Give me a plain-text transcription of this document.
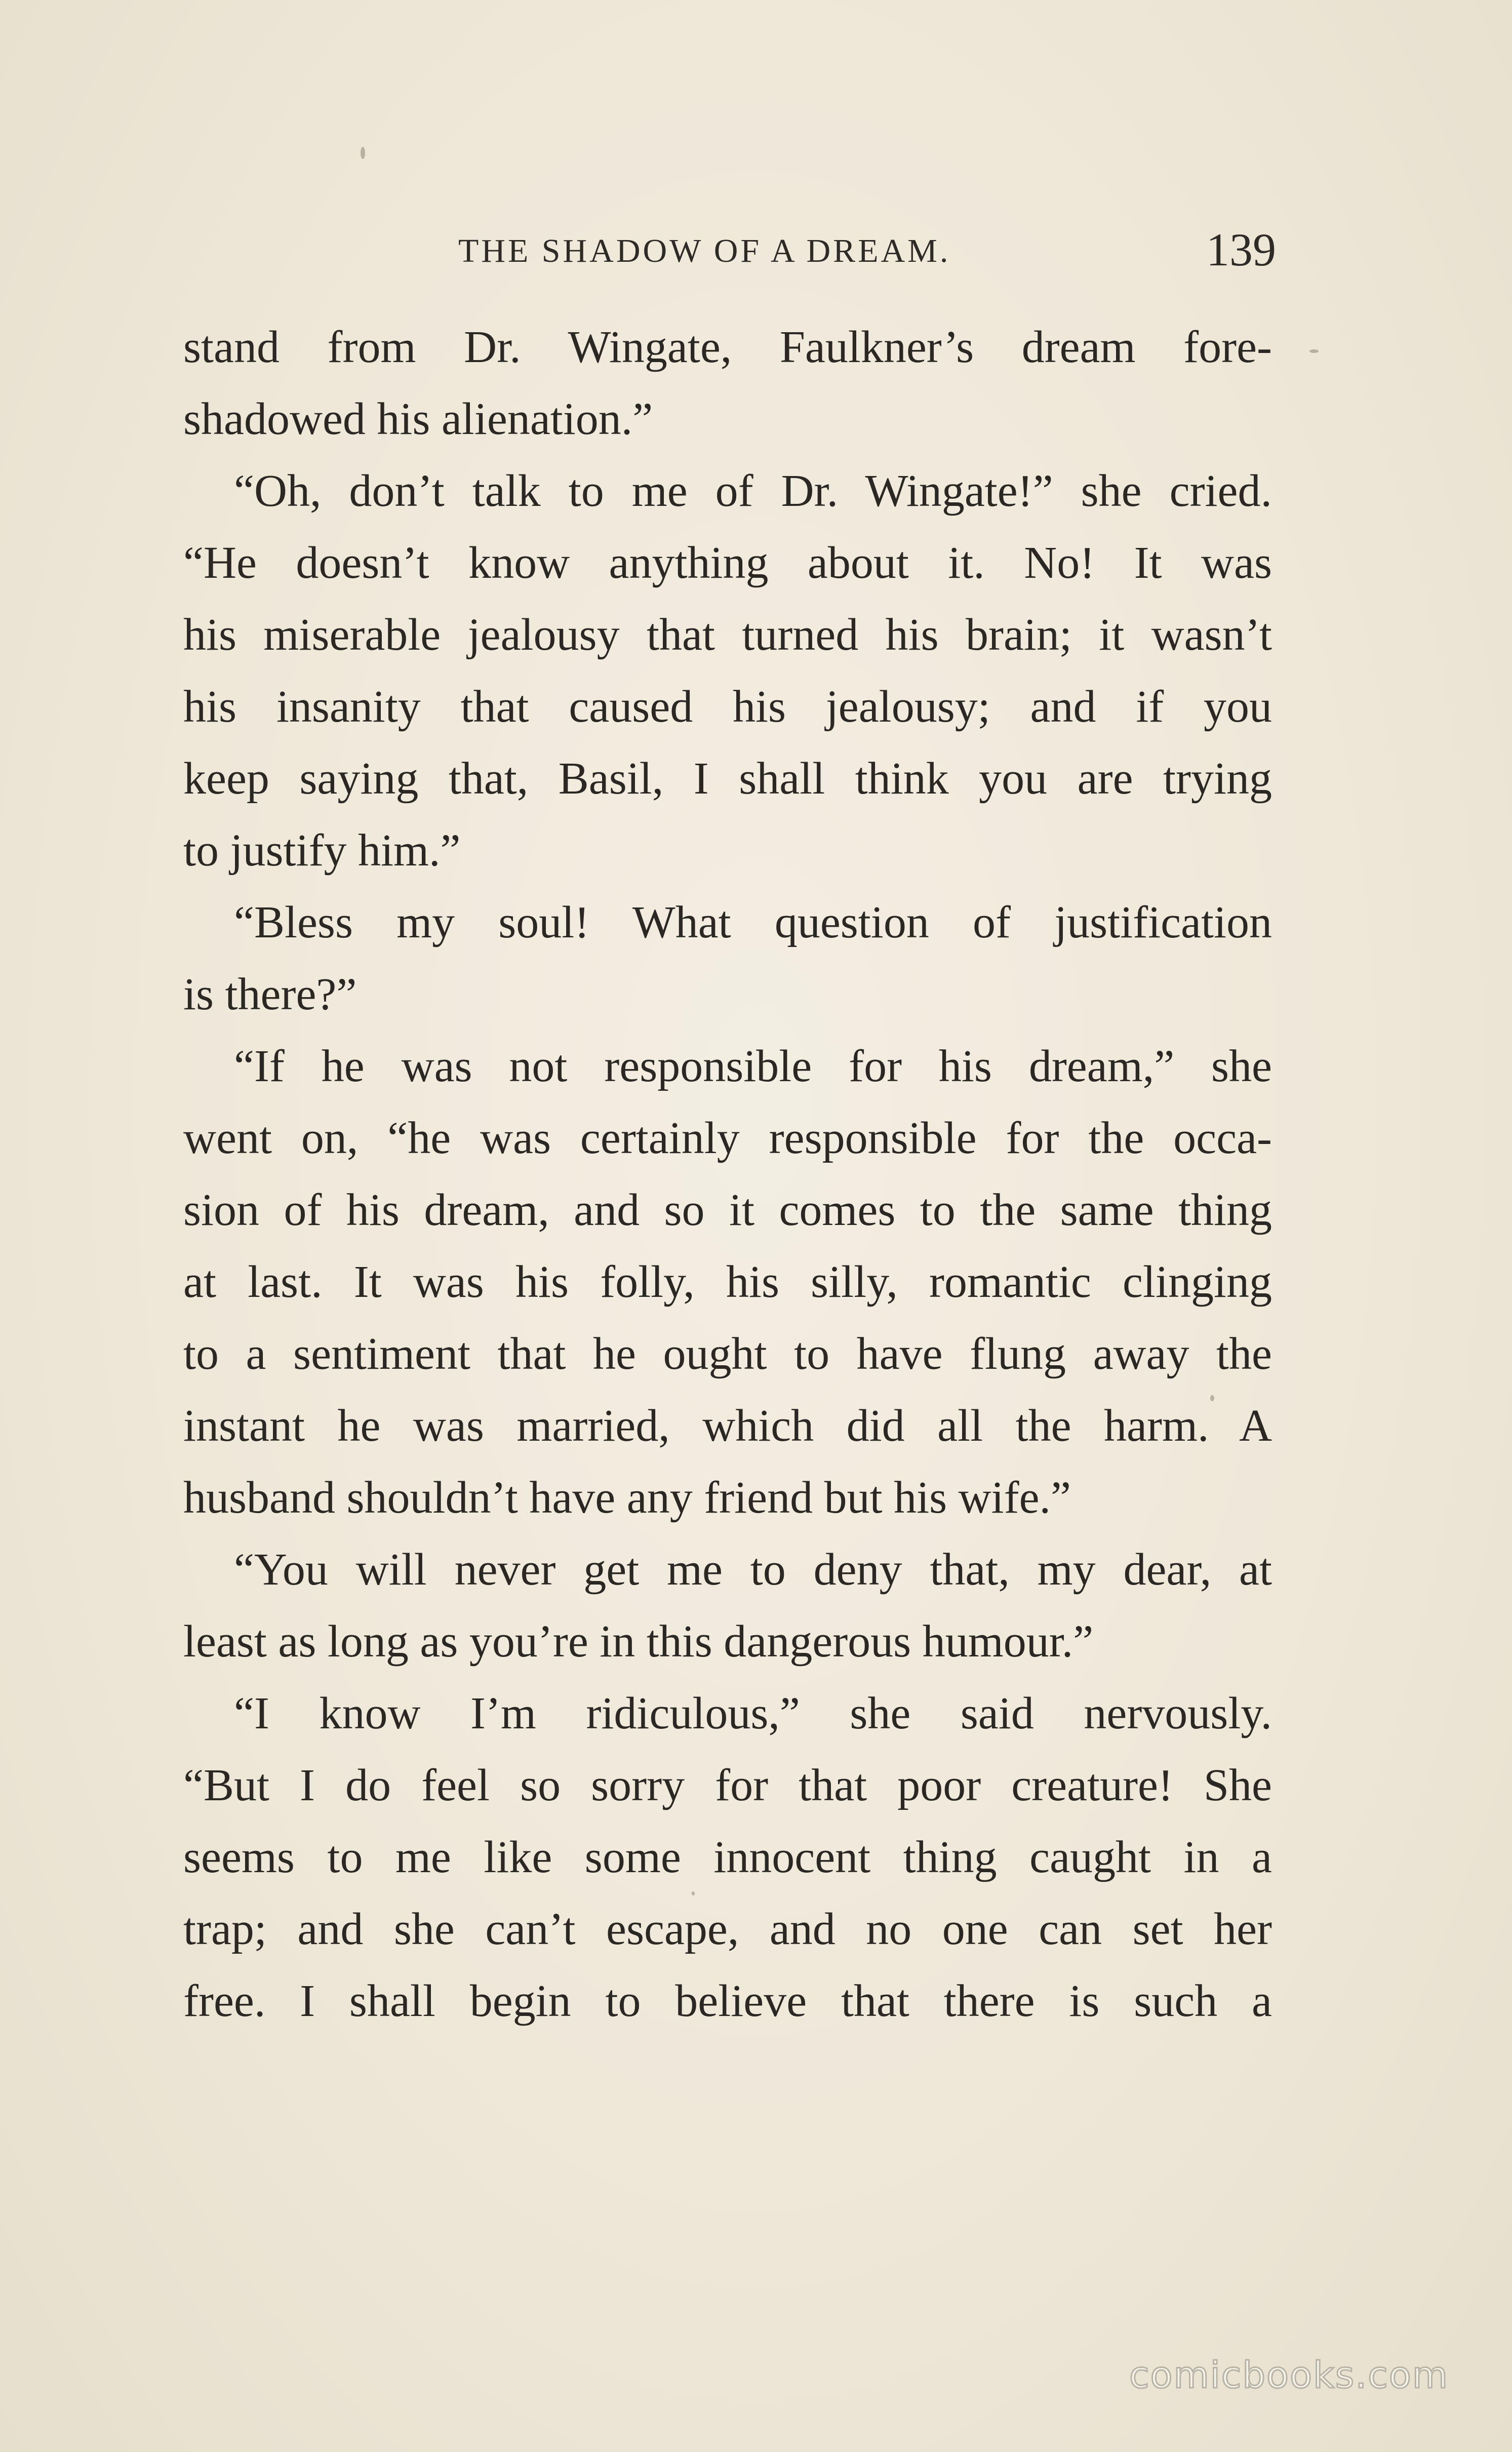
THE SHADOW OF A DREAM.	139
stand from Dr. Wingate, Faulkner’s dream fore-
shadowed his alienation.”
“Oh, don’t talk to me of Dr. Wingate!” she cried.
“He doesn’t know anything about it. No! It was
his miserable jealousy that turned his brain; it wasn’t
his insanity that caused his jealousy; and if you
keep saying that, Basil, I shall think you are trying
to justify him.”
“Bless my soul! What question of justification
is there?”
“If he was not responsible for his dream,” she
went on, “he was certainly responsible for the occa-
sion of his dream, and so it comes to the same thing
at last. It was his folly, his silly, romantic clinging
to a sentiment that he ought to have flung away the
instant he was married, which did all the harm. A
husband shouldn’t have any friend but his wife.”
“You will never get me to deny that, my dear, at
least as long as you’re in this dangerous humour.”
“I know I’m ridiculous,” she said nervously.
“But I do feel so sorry for that poor creature! She
seems to me like some innocent thing caught in a
trap; and she can’t escape, and no one can set her
free. I shall begin to believe that there is such a
comicbooks.com
